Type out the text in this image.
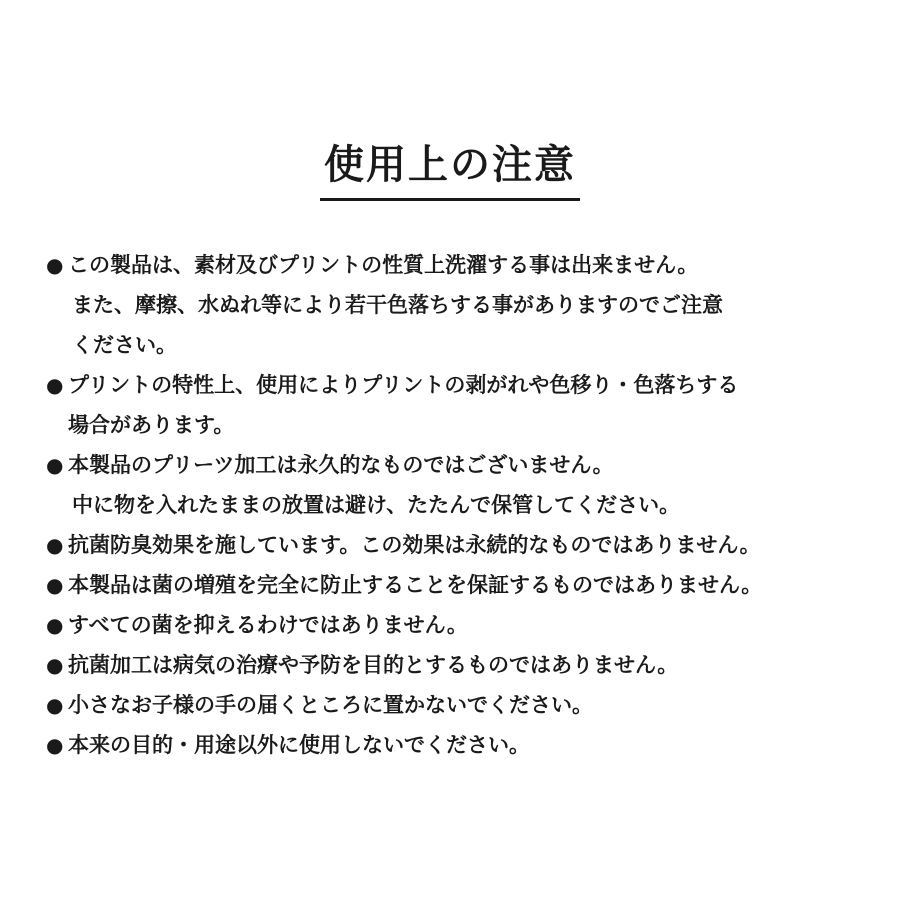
使用上の注意
● この製品は、素材及びプリントの性質上洗濯する事は出来ません。
また、摩擦、水ぬれ等により若干色落ちする事がありますのでご注意
ください。
● プリントの特性上、使用によりプリントの剥がれや色移り・色落ちする
場合があります。
● 本製品のプリーツ加工は永久的なものではございません。
中に物を入れたままの放置は避け、たたんで保管してください。
● 抗菌防臭効果を施しています。この効果は永続的なものではありません。
● 本製品は菌の増殖を完全に防止することを保証するものではありません。
● すべての菌を抑えるわけではありません。
● 抗菌加工は病気の治療や予防を目的とするものではありません。
● 小さなお子様の手の届くところに置かないでください。
● 本来の目的・用途以外に使用しないでください。
